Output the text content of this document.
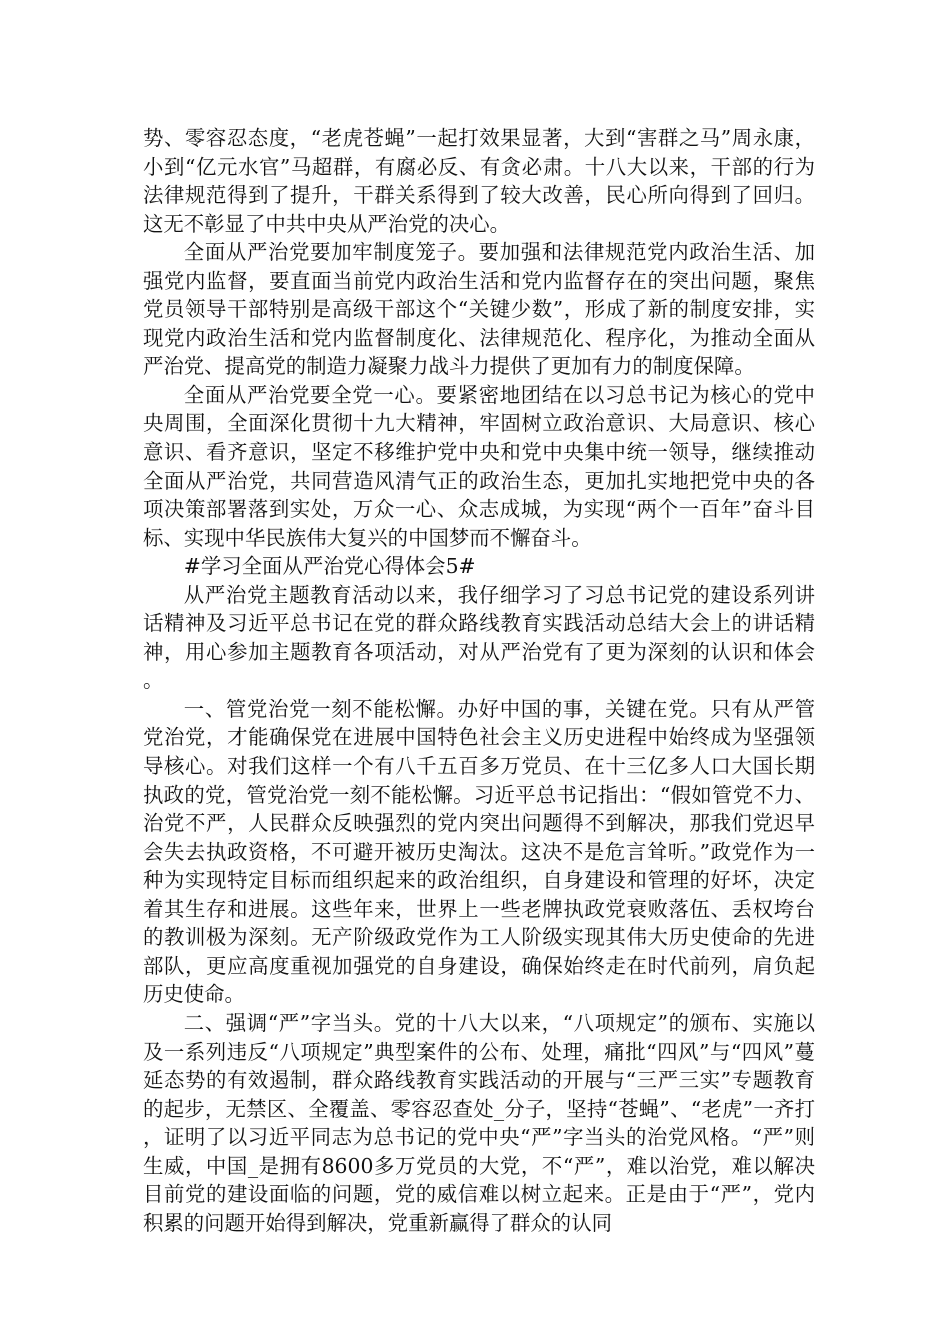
势、零容忍态度，“老虎苍蝇”一起打效果显著，大到“害群之马”周永康，小到“亿元水官”马超群，有腐必反、有贪必肃。十八大以来，干部的行为法律规范得到了提升，干群关系得到了较大改善，民心所向得到了回归。这无不彰显了中共中央从严治党的决心。

全面从严治党要加牢制度笼子。要加强和法律规范党内政治生活、加强党内监督，要直面当前党内政治生活和党内监督存在的突出问题，聚焦党员领导干部特别是高级干部这个“关键少数”，形成了新的制度安排，实现党内政治生活和党内监督制度化、法律规范化、程序化，为推动全面从严治党、提高党的制造力凝聚力战斗力提供了更加有力的制度保障。

全面从严治党要全党一心。要紧密地团结在以习总书记为核心的党中央周围，全面深化贯彻十九大精神，牢固树立政治意识、大局意识、核心意识、看齐意识，坚定不移维护党中央和党中央集中统一领导，继续推动全面从严治党，共同营造风清气正的政治生态，更加扎实地把党中央的各项决策部署落到实处，万众一心、众志成城，为实现“两个一百年”奋斗目标、实现中华民族伟大复兴的中国梦而不懈奋斗。

#学习全面从严治党心得体会5#

从严治党主题教育活动以来，我仔细学习了习总书记党的建设系列讲话精神及习近平总书记在党的群众路线教育实践活动总结大会上的讲话精神，用心参加主题教育各项活动，对从严治党有了更为深刻的认识和体会。

一、管党治党一刻不能松懈。办好中国的事，关键在党。只有从严管党治党，才能确保党在进展中国特色社会主义历史进程中始终成为坚强领导核心。对我们这样一个有八千五百多万党员、在十三亿多人口大国长期执政的党，管党治党一刻不能松懈。习近平总书记指出：“假如管党不力、治党不严，人民群众反映强烈的党内突出问题得不到解决，那我们党迟早会失去执政资格，不可避开被历史淘汰。这决不是危言耸听。”政党作为一种为实现特定目标而组织起来的政治组织，自身建设和管理的好坏，决定着其生存和进展。这些年来，世界上一些老牌执政党衰败落伍、丢权垮台的教训极为深刻。无产阶级政党作为工人阶级实现其伟大历史使命的先进部队，更应高度重视加强党的自身建设，确保始终走在时代前列，肩负起历史使命。

二、强调“严”字当头。党的十八大以来，“八项规定”的颁布、实施以及一系列违反“八项规定”典型案件的公布、处理，痛批“四风”与“四风”蔓延态势的有效遏制，群众路线教育实践活动的开展与“三严三实”专题教育的起步，无禁区、全覆盖、零容忍查处_分子，坚持“苍蝇”、“老虎”一齐打，证明了以习近平同志为总书记的党中央“严”字当头的治党风格。“严”则生威，中国_是拥有8600多万党员的大党，不“严”，难以治党，难以解决目前党的建设面临的问题，党的威信难以树立起来。正是由于“严”，党内积累的问题开始得到解决，党重新赢得了群众的认同
